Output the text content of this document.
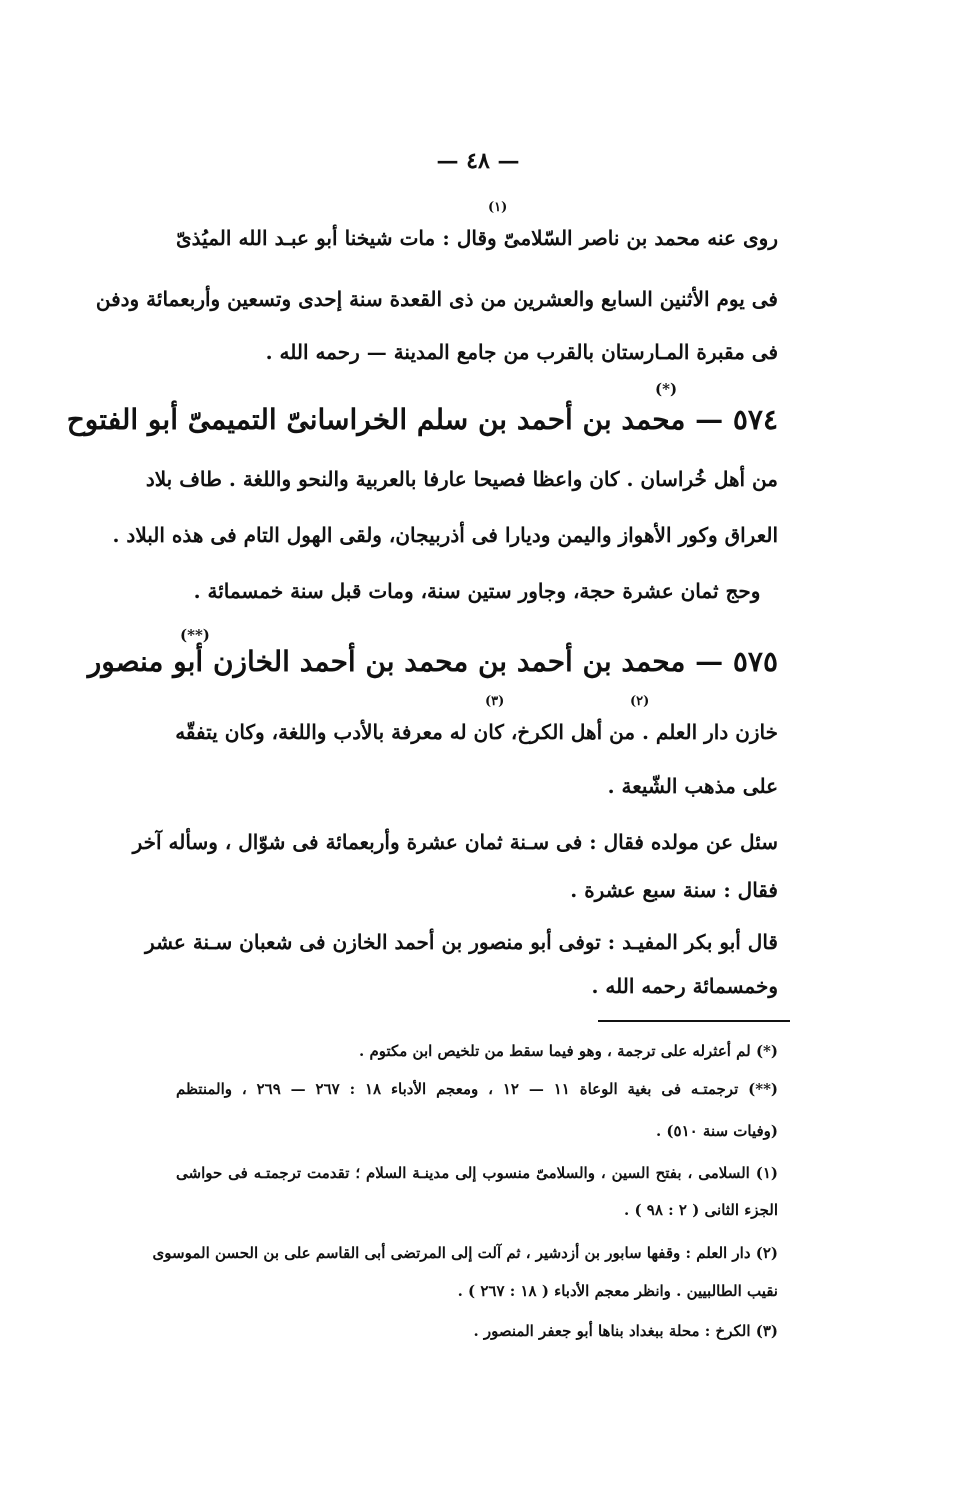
— ٤٨ —
روى عنه محمد بن ناصر السّلامىّ وقال : مات شيخنا أبو عبـد الله الميُذىّ
(١)
فى يوم الأثنين السابع والعشرين من ذى القعدة سنة إحدى وتسعين وأربعمائة ودفن
فى مقبرة المـارستان بالقرب من جامع المدينة — رحمه الله .
(*)
٥٧٤ — محمد بن أحمد بن سلم الخراسانىّ التميمىّ أبو الفتوح
من أهل خُراسان . كان واعظا فصيحا عارفا بالعربية والنحو واللغة . طاف بلاد
العراق وكور الأهواز واليمن وديارا فى أذربيجان، ولقى الهول التام فى هذه البلاد .
وحج ثمان عشرة حجة، وجاور ستين سنة، ومات قبل سنة خمسمائة .
(**)
٥٧٥ — محمد بن أحمد بن محمد بن أحمد الخازن أبو منصور
(٢)
(٣)
خازن دار العلم . من أهل الكرخ، كان له معرفة بالأدب واللغة، وكان يتفقّه
على مذهب الشّيعة .
سئل عن مولده فقال : فى سـنة ثمان عشرة وأربعمائة فى شوّال ، وسأله آخر
فقال : سنة سبع عشرة .
قال أبو بكر المفيـد : توفى أبو منصور بن أحمد الخازن فى شعبان سـنة عشر
وخمسمائة رحمه الله .
(*) لم أعثرله على ترجمة ، وهو فيما سقط من تلخيص ابن مكتوم .
(**) ترجمتـه فى بغية الوعاة ١١ — ١٢ ، ومعجم الأدباء ١٨ : ٢٦٧ — ٢٦٩ ، والمنتظم
(وفيات سنة ٥١٠) .
(١) السلامى ، بفتح السين ، والسلامىّ منسوب إلى مدينـة السلام ؛ تقدمت ترجمتـه فى حواشى
الجزء الثانى ( ٢ : ٩٨ ) .
(٢) دار العلم : وقفها سابور بن أزدشير ، ثم آلت إلى المرتضى أبى القاسم على بن الحسن الموسوى
نقيب الطالبيين . وانظر معجم الأدباء ( ١٨ : ٢٦٧ ) .
(٣) الكرخ : محلة ببغداد بناها أبو جعفر المنصور .
